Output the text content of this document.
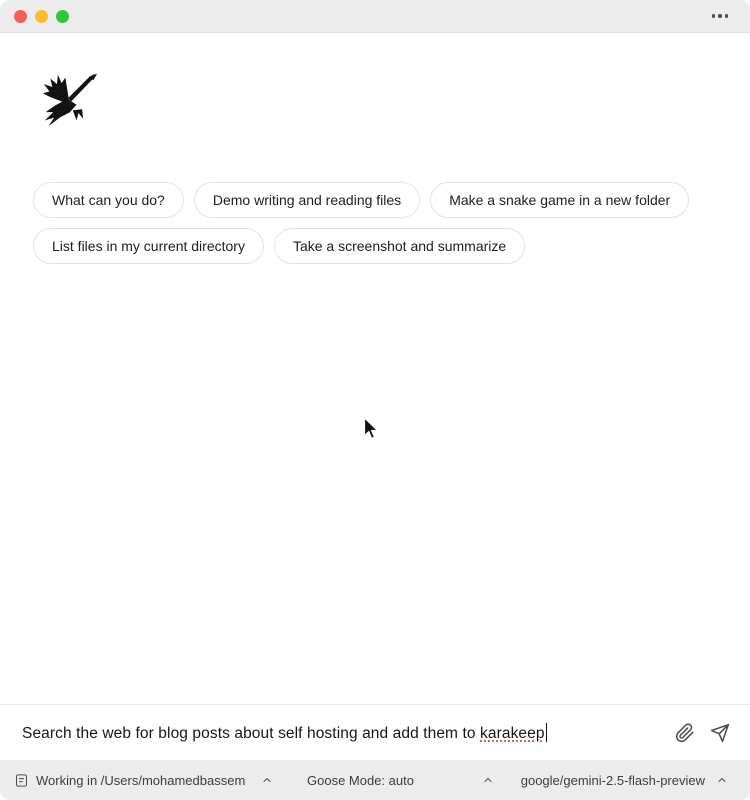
What can you do?	Demo writing and reading files	Make a snake game in a new folder
List files in my current directory	Take a screenshot and summarize
Search the web for blog posts about self hosting and add them to karakeep
Working in /Users/mohamedbassem	Goose Mode: auto	google/gemini-2.5-flash-preview
